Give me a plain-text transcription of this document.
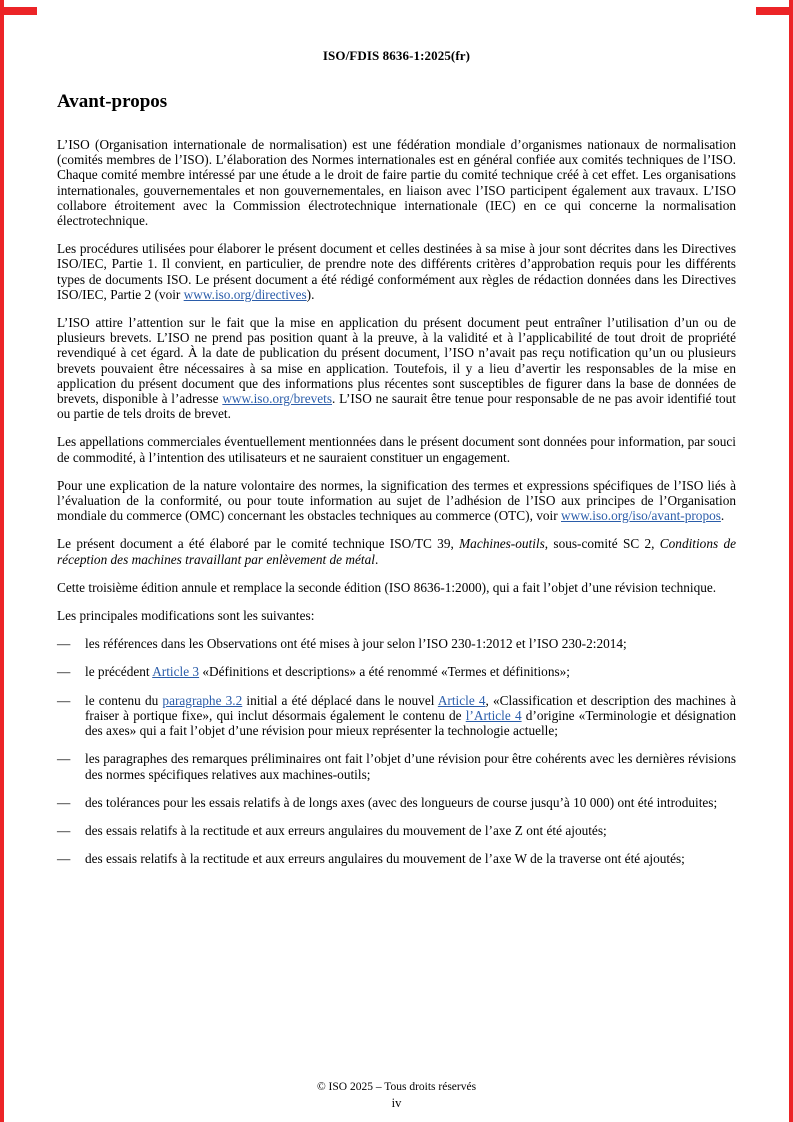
ISO/FDIS 8636-1:2025(fr)
Avant-propos

L’ISO (Organisation internationale de normalisation) est une fédération mondiale d’organismes nationaux de normalisation (comités membres de l’ISO). L’élaboration des Normes internationales est en général confiée aux comités techniques de l’ISO. Chaque comité membre intéressé par une étude a le droit de faire partie du comité technique créé à cet effet. Les organisations internationales, gouvernementales et non gouvernementales, en liaison avec l’ISO participent également aux travaux. L’ISO collabore étroitement avec la Commission électrotechnique internationale (IEC) en ce qui concerne la normalisation électrotechnique.

Les procédures utilisées pour élaborer le présent document et celles destinées à sa mise à jour sont décrites dans les Directives ISO/IEC, Partie 1. Il convient, en particulier, de prendre note des différents critères d’approbation requis pour les différents types de documents ISO. Le présent document a été rédigé conformément aux règles de rédaction données dans les Directives ISO/IEC, Partie 2 (voir www.iso.org/directives).

L’ISO attire l’attention sur le fait que la mise en application du présent document peut entraîner l’utilisation d’un ou de plusieurs brevets. L’ISO ne prend pas position quant à la preuve, à la validité et à l’applicabilité de tout droit de propriété revendiqué à cet égard. À la date de publication du présent document, l’ISO n’avait pas reçu notification qu’un ou plusieurs brevets pouvaient être nécessaires à sa mise en application. Toutefois, il y a lieu d’avertir les responsables de la mise en application du présent document que des informations plus récentes sont susceptibles de figurer dans la base de données de brevets, disponible à l’adresse www.iso.org/brevets. L’ISO ne saurait être tenue pour responsable de ne pas avoir identifié tout ou partie de tels droits de brevet.

Les appellations commerciales éventuellement mentionnées dans le présent document sont données pour information, par souci de commodité, à l’intention des utilisateurs et ne sauraient constituer un engagement.

Pour une explication de la nature volontaire des normes, la signification des termes et expressions spécifiques de l’ISO liés à l’évaluation de la conformité, ou pour toute information au sujet de l’adhésion de l’ISO aux principes de l’Organisation mondiale du commerce (OMC) concernant les obstacles techniques au commerce (OTC), voir www.iso.org/iso/avant-propos.

Le présent document a été élaboré par le comité technique ISO/TC 39, Machines-outils, sous-comité SC 2, Conditions de réception des machines travaillant par enlèvement de métal.

Cette troisième édition annule et remplace la seconde édition (ISO 8636-1:2000), qui a fait l’objet d’une révision technique.

Les principales modifications sont les suivantes:

— les références dans les Observations ont été mises à jour selon l’ISO 230-1:2012 et l’ISO 230-2:2014;
— le précédent Article 3 «Définitions et descriptions» a été renommé «Termes et définitions»;
— le contenu du paragraphe 3.2 initial a été déplacé dans le nouvel Article 4, «Classification et description des machines à fraiser à portique fixe», qui inclut désormais également le contenu de l’Article 4 d’origine «Terminologie et désignation des axes» qui a fait l’objet d’une révision pour mieux représenter la technologie actuelle;
— les paragraphes des remarques préliminaires ont fait l’objet d’une révision pour être cohérents avec les dernières révisions des normes spécifiques relatives aux machines-outils;
— des tolérances pour les essais relatifs à de longs axes (avec des longueurs de course jusqu’à 10 000) ont été introduites;
— des essais relatifs à la rectitude et aux erreurs angulaires du mouvement de l’axe Z ont été ajoutés;
— des essais relatifs à la rectitude et aux erreurs angulaires du mouvement de l’axe W de la traverse ont été ajoutés;
© ISO 2025 – Tous droits réservés
iv
